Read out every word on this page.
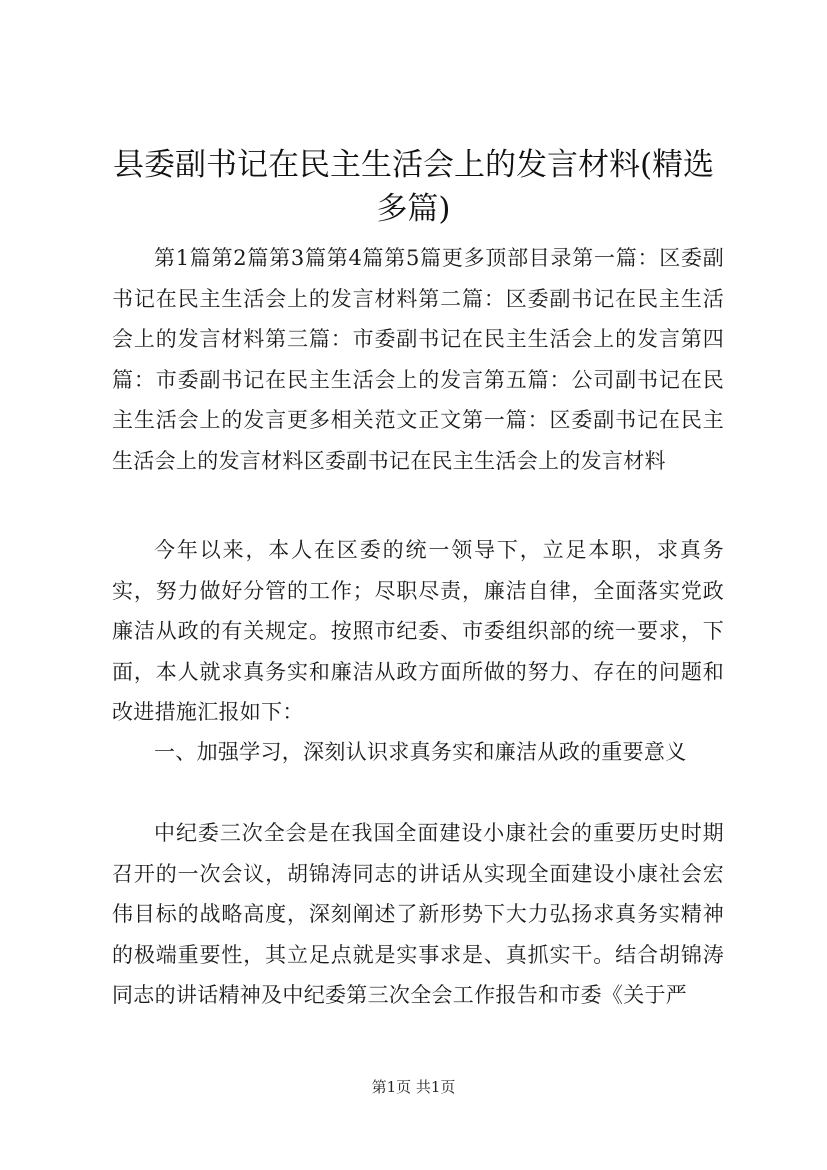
县委副书记在民主生活会上的发言材料(精选多篇)

第1篇第2篇第3篇第4篇第5篇更多顶部目录第一篇：区委副书记在民主生活会上的发言材料第二篇：区委副书记在民主生活会上的发言材料第三篇：市委副书记在民主生活会上的发言第四篇：市委副书记在民主生活会上的发言第五篇：公司副书记在民主生活会上的发言更多相关范文正文第一篇：区委副书记在民主生活会上的发言材料区委副书记在民主生活会上的发言材料

今年以来，本人在区委的统一领导下，立足本职，求真务实，努力做好分管的工作；尽职尽责，廉洁自律，全面落实党政廉洁从政的有关规定。按照市纪委、市委组织部的统一要求，下面，本人就求真务实和廉洁从政方面所做的努力、存在的问题和改进措施汇报如下：

一、加强学习，深刻认识求真务实和廉洁从政的重要意义

中纪委三次全会是在我国全面建设小康社会的重要历史时期召开的一次会议，胡锦涛同志的讲话从实现全面建设小康社会宏伟目标的战略高度，深刻阐述了新形势下大力弘扬求真务实精神的极端重要性，其立足点就是实事求是、真抓实干。结合胡锦涛同志的讲话精神及中纪委第三次全会工作报告和市委《关于严

第1页 共1页
